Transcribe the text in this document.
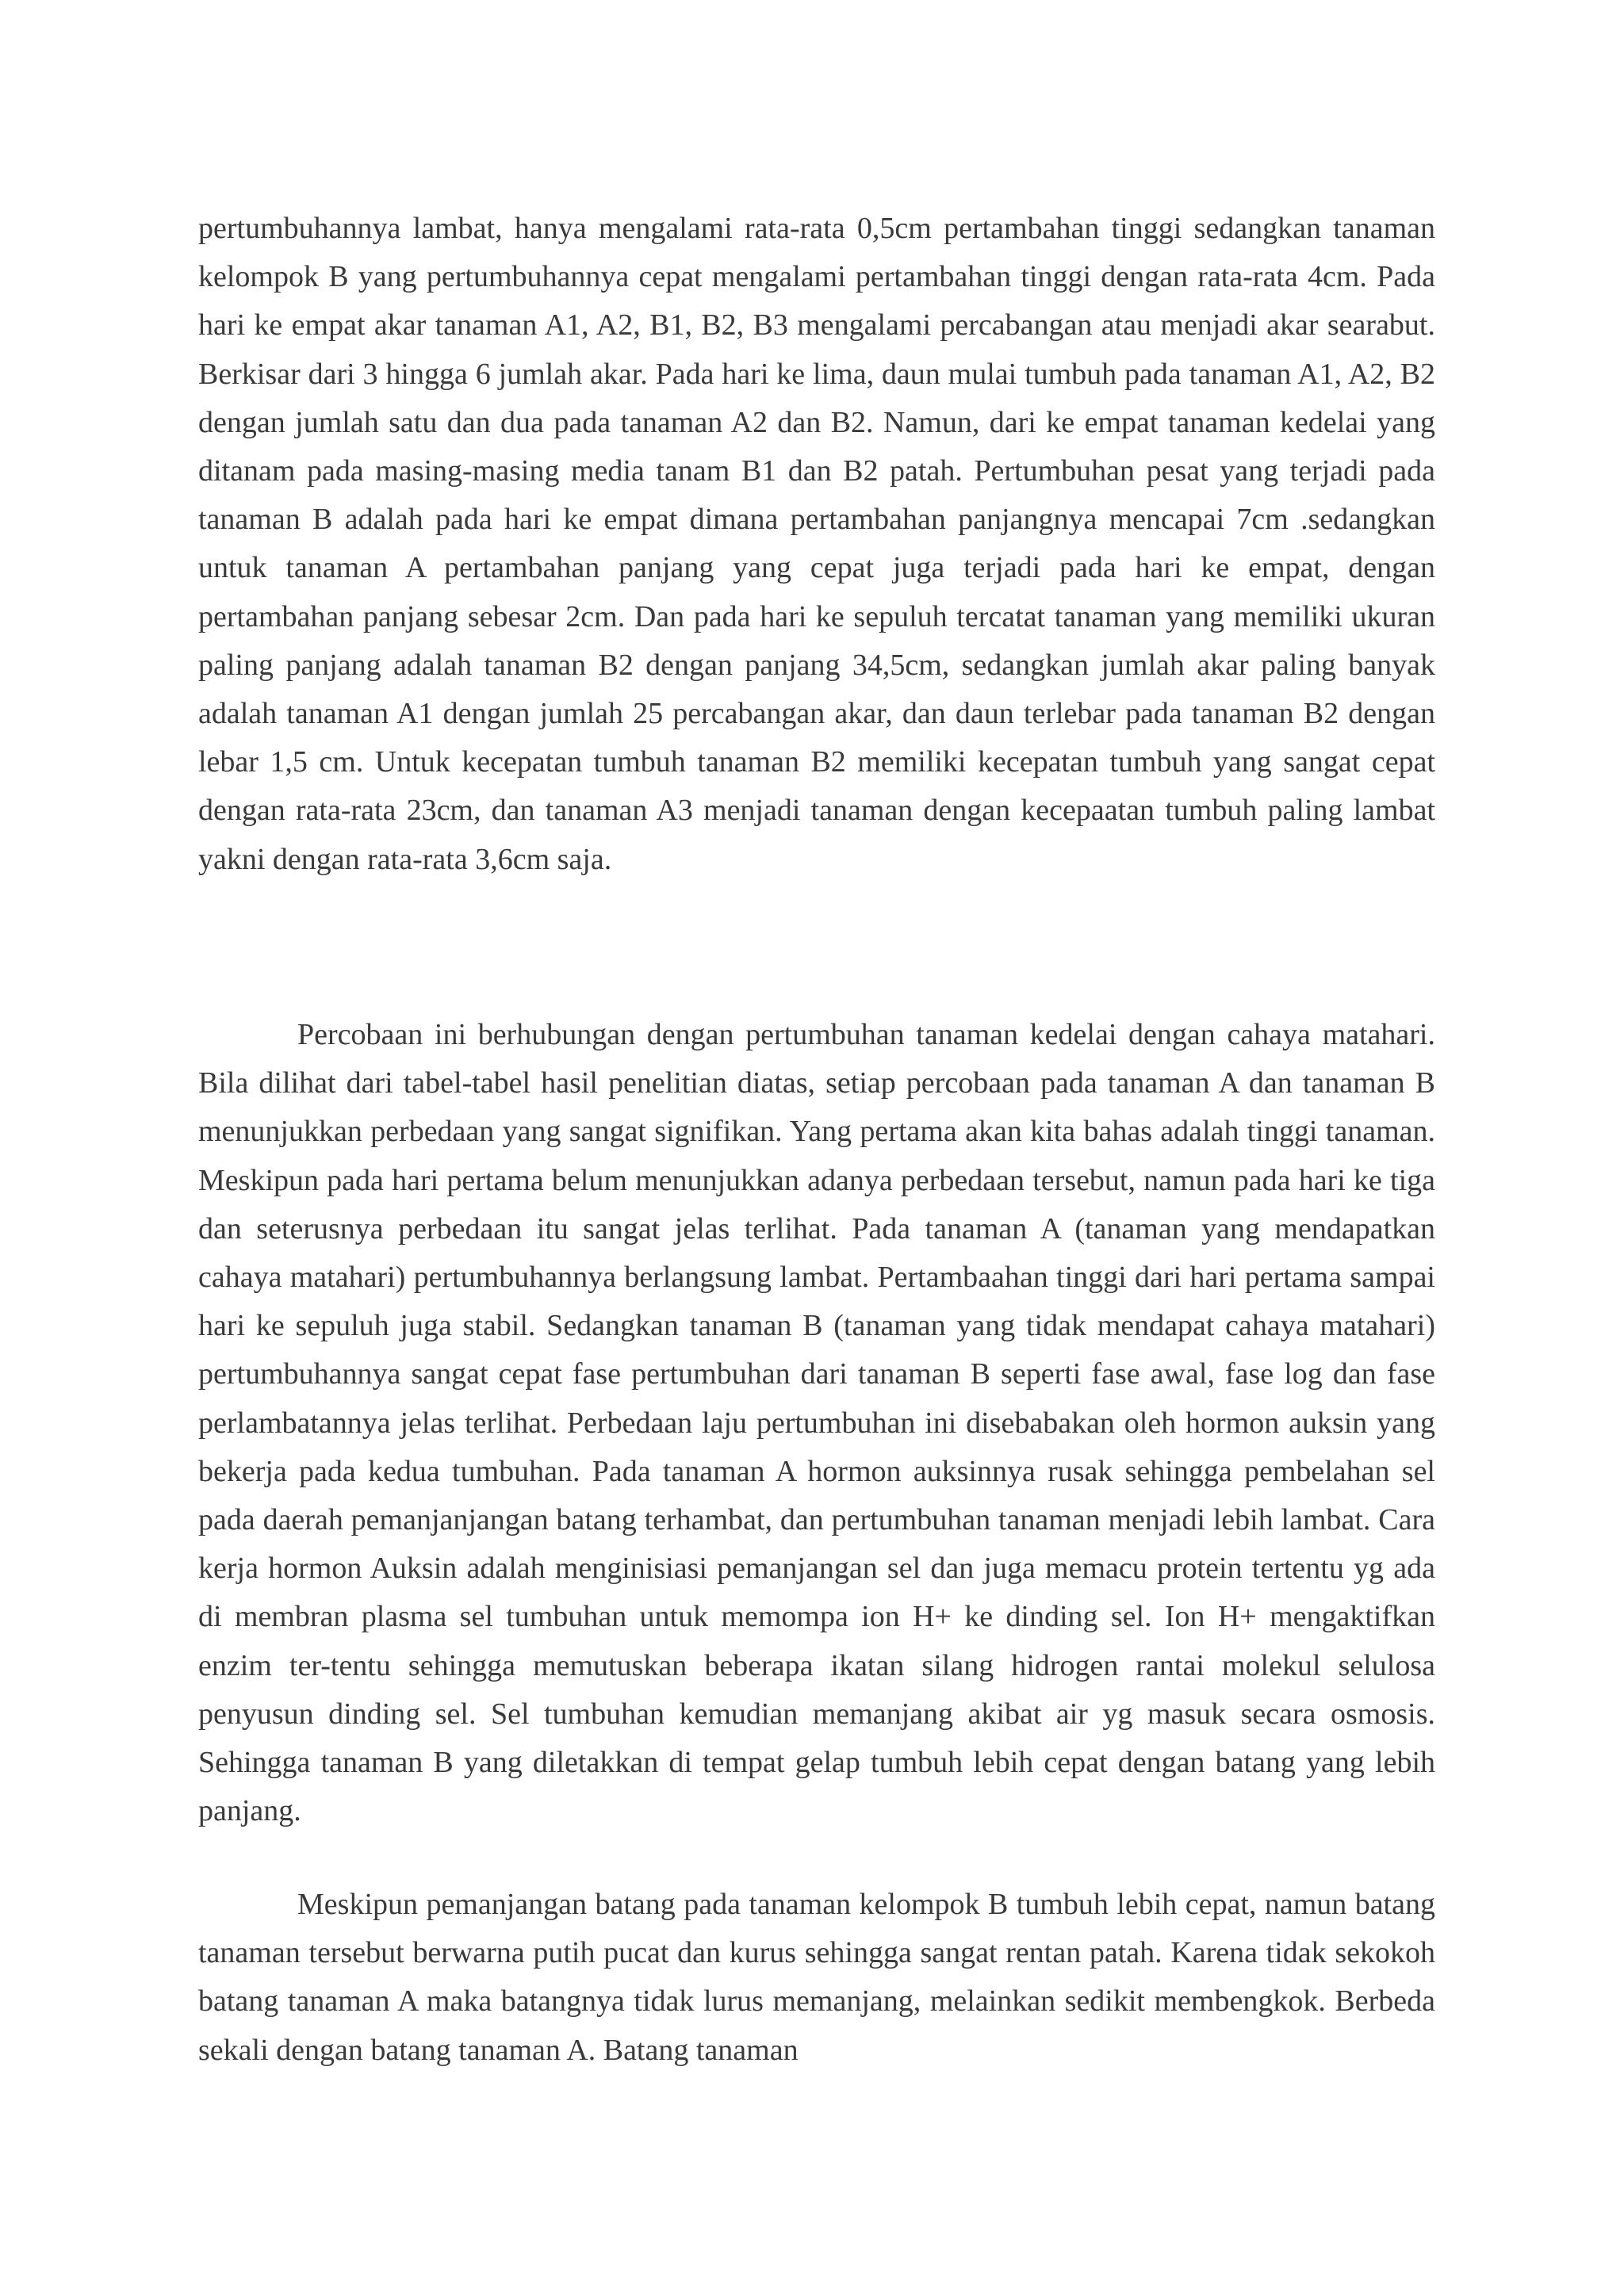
pertumbuhannya lambat, hanya mengalami rata-rata 0,5cm pertambahan tinggi sedangkan tanaman kelompok B yang pertumbuhannya cepat mengalami pertambahan tinggi dengan rata-rata 4cm. Pada hari ke empat akar tanaman A1, A2, B1, B2, B3 mengalami percabangan atau menjadi akar searabut. Berkisar dari 3 hingga 6 jumlah akar. Pada hari ke lima, daun mulai tumbuh pada tanaman A1, A2, B2 dengan jumlah satu dan dua pada tanaman A2 dan B2. Namun, dari ke empat tanaman kedelai yang ditanam pada masing-masing media tanam B1 dan B2 patah. Pertumbuhan pesat yang terjadi pada tanaman B adalah pada hari ke empat dimana pertambahan panjangnya mencapai 7cm .sedangkan untuk tanaman A pertambahan panjang yang cepat juga terjadi pada hari ke empat, dengan pertambahan panjang sebesar 2cm. Dan pada hari ke sepuluh tercatat tanaman yang memiliki ukuran paling panjang adalah tanaman B2 dengan panjang 34,5cm, sedangkan jumlah akar paling banyak adalah tanaman A1 dengan jumlah 25 percabangan akar, dan daun terlebar pada tanaman B2 dengan lebar 1,5 cm. Untuk kecepatan tumbuh tanaman B2 memiliki kecepatan tumbuh yang sangat cepat dengan rata-rata 23cm, dan tanaman A3 menjadi tanaman dengan kecepaatan tumbuh paling lambat yakni dengan rata-rata 3,6cm saja.

Percobaan ini berhubungan dengan pertumbuhan tanaman kedelai dengan cahaya matahari. Bila dilihat dari tabel-tabel hasil penelitian diatas, setiap percobaan pada tanaman A dan tanaman B menunjukkan perbedaan yang sangat signifikan. Yang pertama akan kita bahas adalah tinggi tanaman. Meskipun pada hari pertama belum menunjukkan adanya perbedaan tersebut, namun pada hari ke tiga dan seterusnya perbedaan itu sangat jelas terlihat. Pada tanaman A (tanaman yang mendapatkan cahaya matahari) pertumbuhannya berlangsung lambat. Pertambaahan tinggi dari hari pertama sampai hari ke sepuluh juga stabil. Sedangkan tanaman B (tanaman yang tidak mendapat cahaya matahari) pertumbuhannya sangat cepat fase pertumbuhan dari tanaman B seperti fase awal, fase log dan fase perlambatannya jelas terlihat. Perbedaan laju pertumbuhan ini disebabakan oleh hormon auksin yang bekerja pada kedua tumbuhan. Pada tanaman A hormon auksinnya rusak sehingga pembelahan sel pada daerah pemanjanjangan batang terhambat, dan pertumbuhan tanaman menjadi lebih lambat. Cara kerja hormon Auksin adalah menginisiasi pemanjangan sel dan juga memacu protein tertentu yg ada di membran plasma sel tumbuhan untuk memompa ion H+ ke dinding sel. Ion H+ mengaktifkan enzim ter-tentu sehingga memutuskan beberapa ikatan silang hidrogen rantai molekul selulosa penyusun dinding sel. Sel tumbuhan kemudian memanjang akibat air yg masuk secara osmosis. Sehingga tanaman B yang diletakkan di tempat gelap tumbuh lebih cepat dengan batang yang lebih panjang.

Meskipun pemanjangan batang pada tanaman kelompok B tumbuh lebih cepat, namun batang tanaman tersebut berwarna putih pucat dan kurus sehingga sangat rentan patah. Karena tidak sekokoh batang tanaman A maka batangnya tidak lurus memanjang, melainkan sedikit membengkok. Berbeda sekali dengan batang tanaman A. Batang tanaman
